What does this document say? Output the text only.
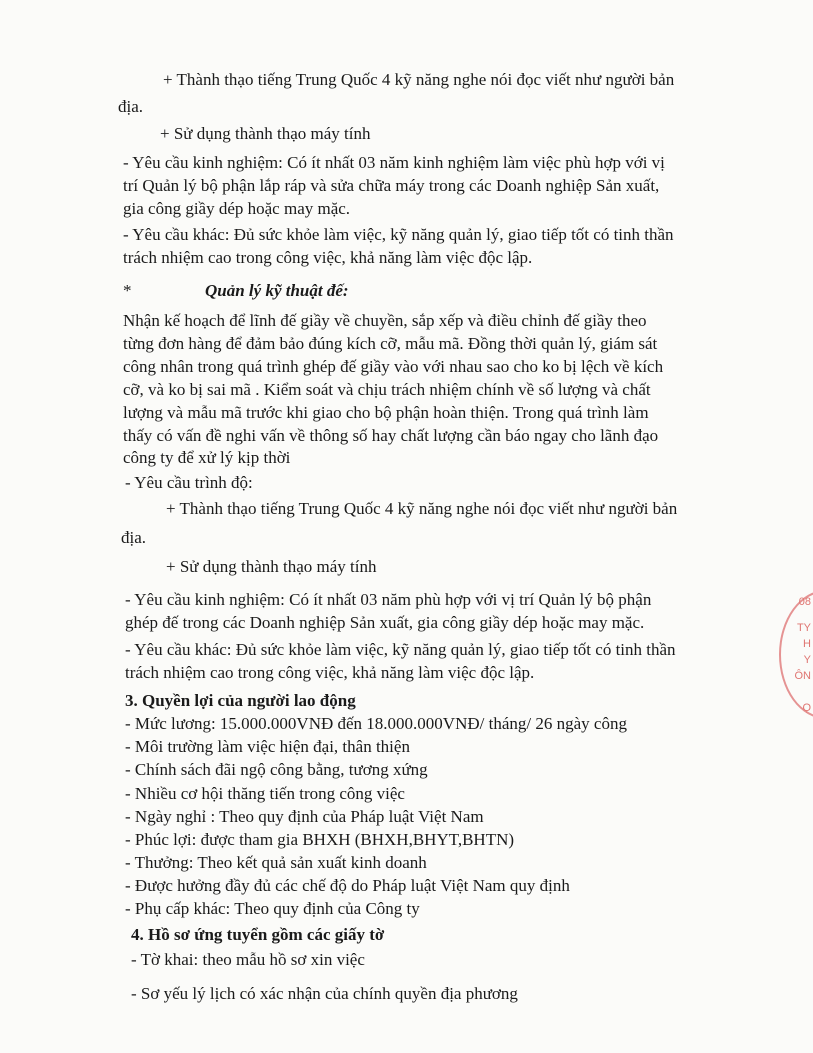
+ Thành thạo tiếng Trung Quốc 4 kỹ năng nghe nói đọc viết như người bản
địa.
+ Sử dụng thành thạo máy tính
- Yêu cầu kinh nghiệm: Có ít nhất 03 năm kinh nghiệm làm việc phù hợp với vị
trí Quản lý bộ phận lắp ráp và sửa chữa máy trong các Doanh nghiệp Sản xuất,
gia công giầy dép hoặc may mặc.
- Yêu cầu khác: Đủ sức khỏe làm việc, kỹ năng quản lý, giao tiếp tốt có tinh thần
trách nhiệm cao trong công việc, khả năng làm việc độc lập.
*	Quản lý kỹ thuật đế:
Nhận kế hoạch để lĩnh đế giầy về chuyền, sắp xếp và điều chỉnh đế giầy theo
từng đơn hàng để đảm bảo đúng kích cỡ, mẫu mã. Đồng thời quản lý, giám sát
công nhân trong quá trình ghép đế giầy vào với nhau sao cho ko bị lệch về kích
cỡ, và ko bị sai mã . Kiểm soát và chịu trách nhiệm chính về số lượng và chất
lượng và mẫu mã trước khi giao cho bộ phận hoàn thiện. Trong quá trình làm
thấy có vấn đề nghi vấn về thông số hay chất lượng cần báo ngay cho lãnh đạo
công ty để xử lý kịp thời
- Yêu cầu trình độ:
+ Thành thạo tiếng Trung Quốc 4 kỹ năng nghe nói đọc viết như người bản
địa.
+ Sử dụng thành thạo máy tính
- Yêu cầu kinh nghiệm: Có ít nhất 03 năm phù hợp với vị trí Quản lý bộ phận
ghép đế trong các Doanh nghiệp Sản xuất, gia công giầy dép hoặc may mặc.
- Yêu cầu khác: Đủ sức khỏe làm việc, kỹ năng quản lý, giao tiếp tốt có tinh thần
trách nhiệm cao trong công việc, khả năng làm việc độc lập.
3. Quyền lợi của người lao động
- Mức lương: 15.000.000VNĐ đến 18.000.000VNĐ/ tháng/ 26 ngày công
- Môi trường làm việc hiện đại, thân thiện
- Chính sách đãi ngộ công bằng, tương xứng
- Nhiều cơ hội thăng tiến trong công việc
- Ngày nghỉ : Theo quy định của Pháp luật Việt Nam
- Phúc lợi: được tham gia BHXH (BHXH,BHYT,BHTN)
- Thưởng: Theo kết quả sản xuất kinh doanh
- Được hưởng đầy đủ các chế độ do Pháp luật Việt Nam quy định
- Phụ cấp khác: Theo quy định của Công ty
4. Hồ sơ ứng tuyển gồm các giấy tờ
- Tờ khai: theo mẫu hồ sơ xin việc
- Sơ yếu lý lịch có xác nhận của chính quyền địa phương
08
TY
H
Y
ÔN
Ọ
